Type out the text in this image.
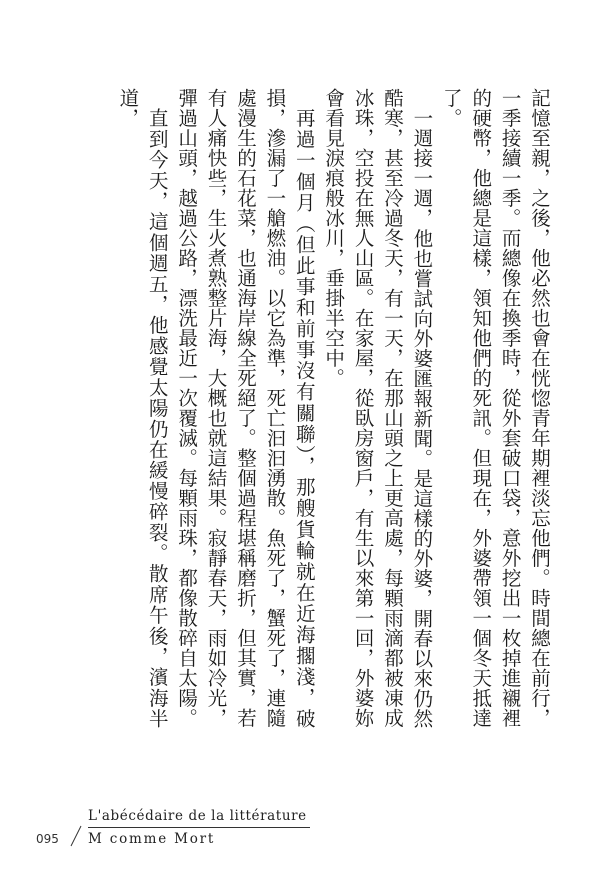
記憶至親，之後，他必然也會在恍惚青年期裡淡忘他們。時間總在前行，一季接續一季。而總像在換季時，從外套破口袋，意外挖出一枚掉進襯裡的硬幣，他總是這樣，領知他們的死訊。但現在，外婆帶領一個冬天抵達了。

一週接一週，他也嘗試向外婆匯報新聞。是這樣的外婆，開春以來仍然酷寒，甚至冷過冬天，有一天，在那山頭之上更高處，每顆雨滴都被凍成冰珠，空投在無人山區。在家屋，從臥房窗戶，有生以來第一回，外婆妳會看見淚痕般冰川，垂掛半空中。

再過一個月（但此事和前事沒有關聯），那艘貨輪就在近海擱淺，破損，滲漏了一艙燃油。以它為準，死亡汩汩湧散。魚死了，蟹死了，連隨處漫生的石花菜，也通海岸線全死絕了。整個過程堪稱磨折，但其實，若有人痛快些，生火煮熟整片海，大概也就這結果。寂靜春天，雨如冷光，彈過山頭，越過公路，漂洗最近一次覆滅。每顆雨珠，都像散碎自太陽。

直到今天，這個週五，他感覺太陽仍在緩慢碎裂。散席午後，濱海半道，

095
L'abécédaire de la littérature
M comme Mort
